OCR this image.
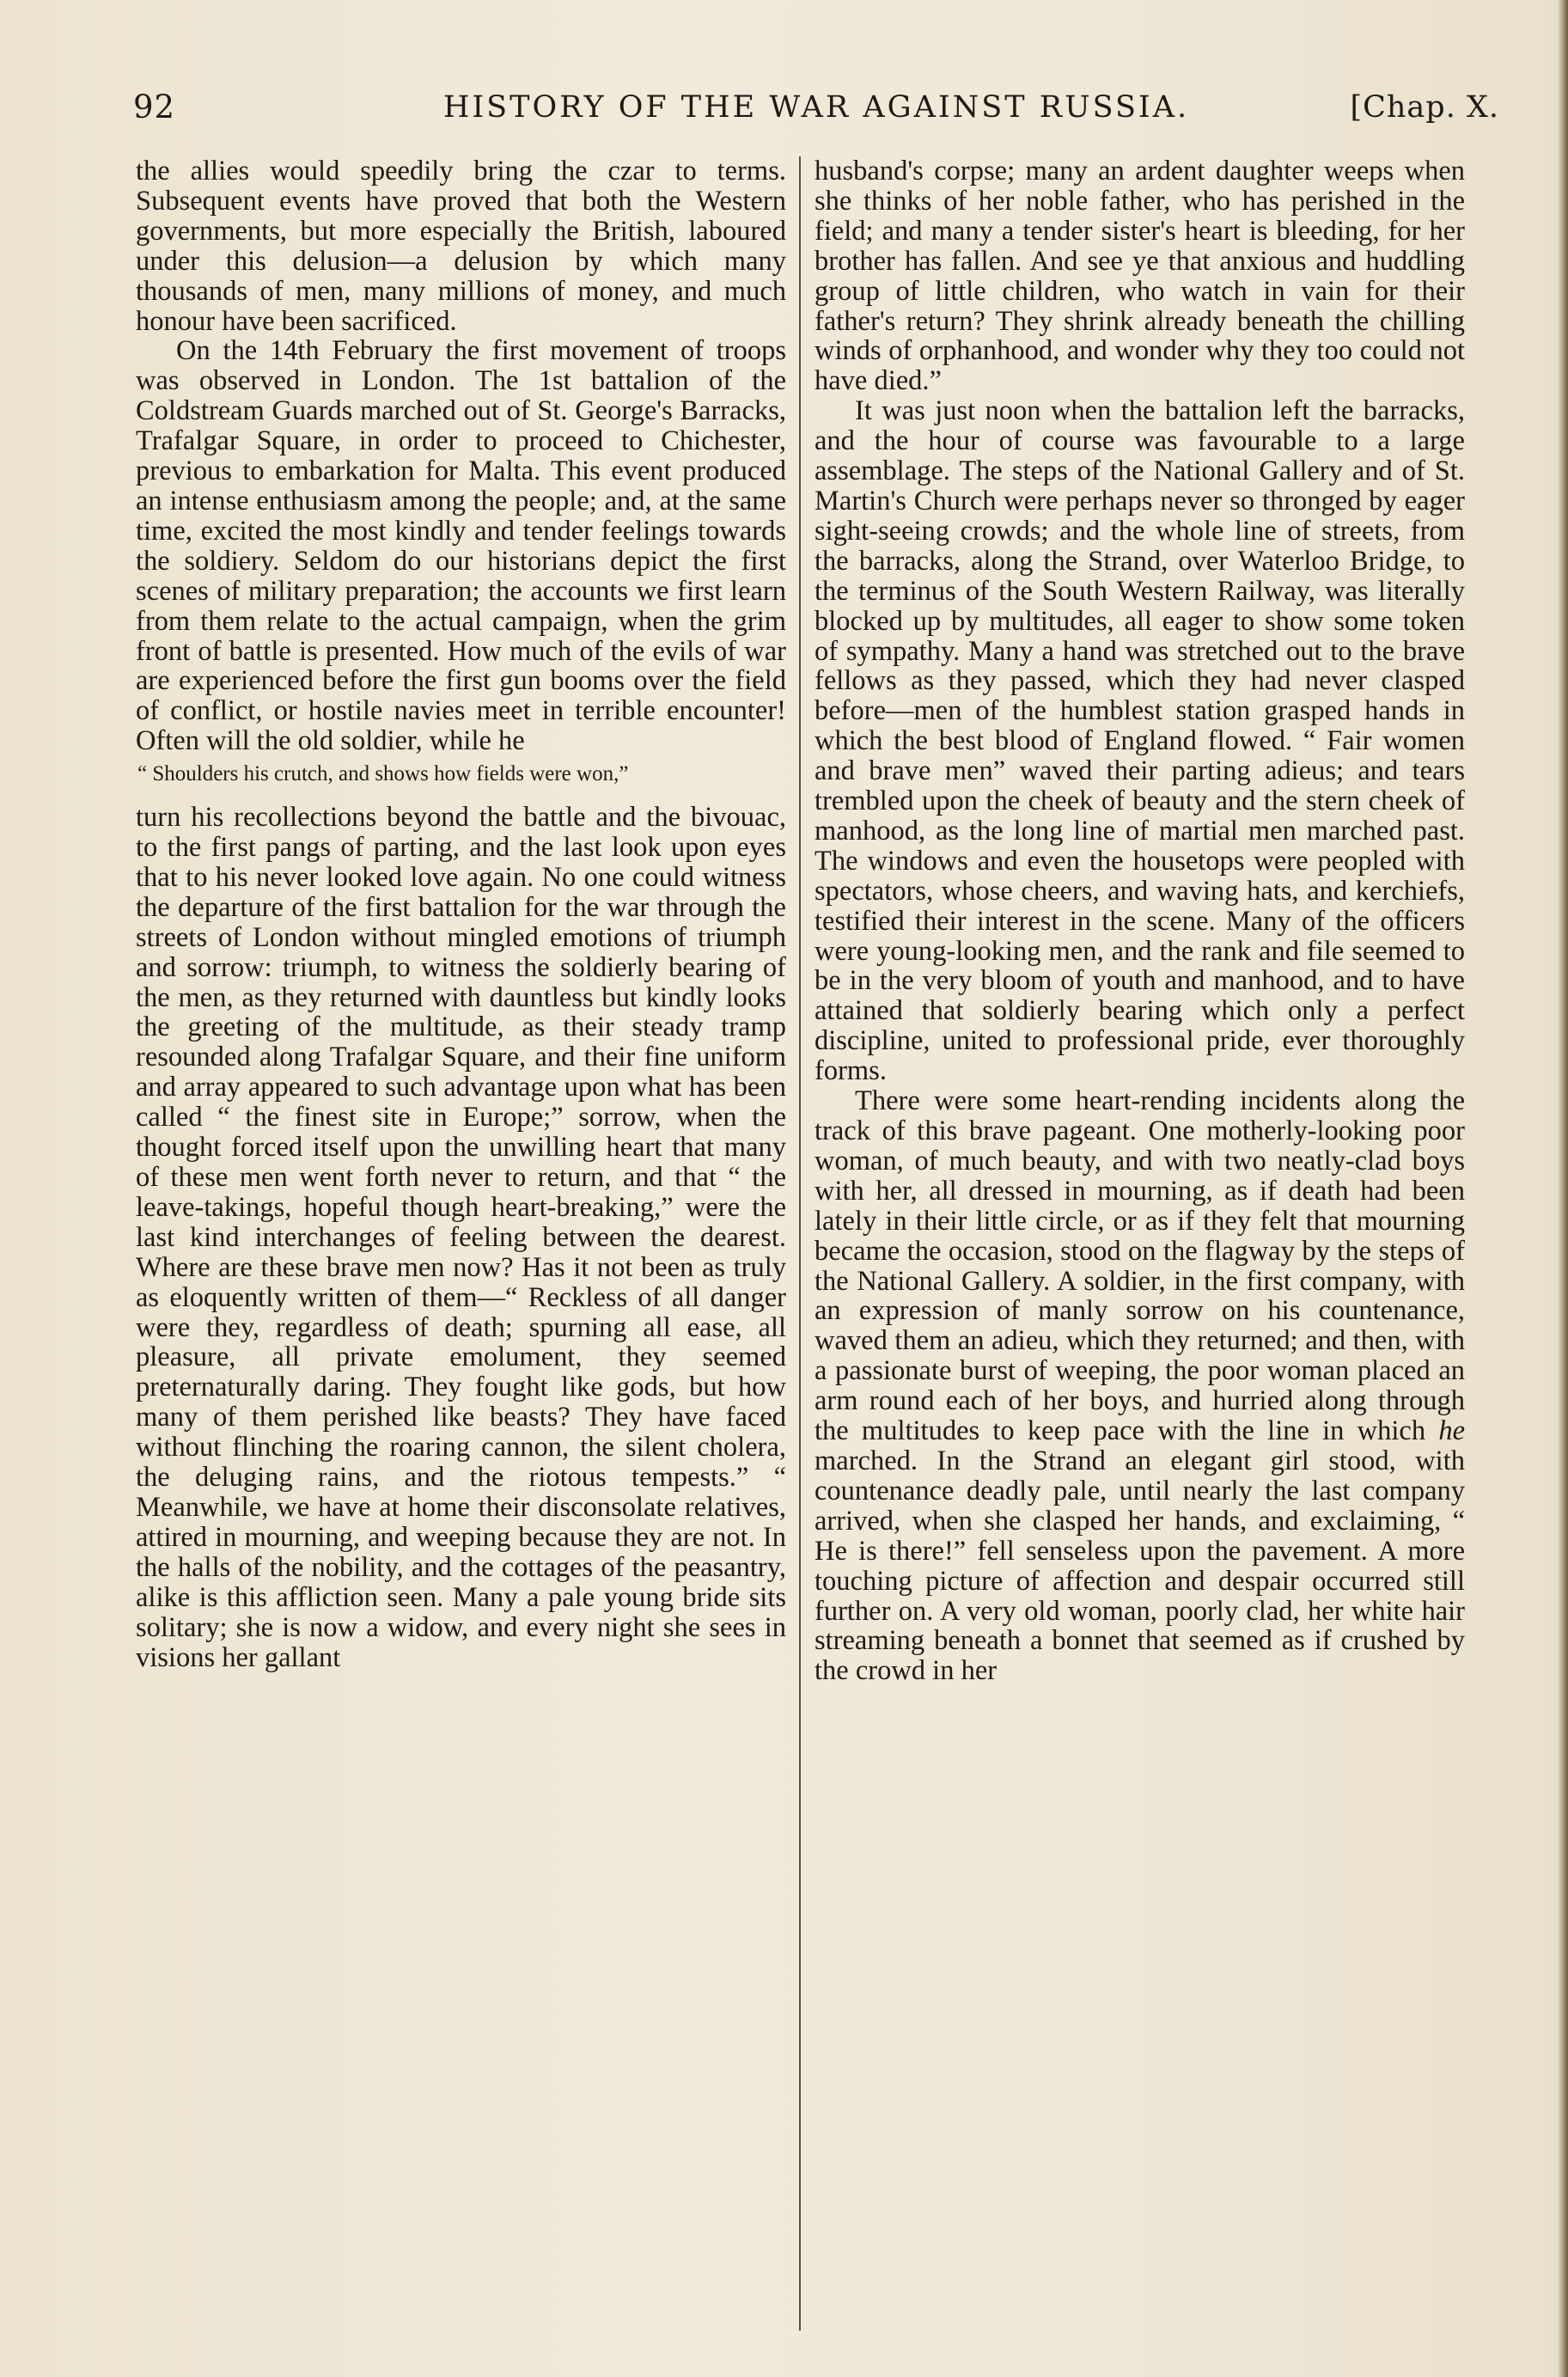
92	HISTORY OF THE WAR AGAINST RUSSIA.	[Chap. X.

the allies would speedily bring the czar to terms. Subsequent events have proved that both the Western governments, but more especially the British, laboured under this delusion—a delusion by which many thousands of men, many millions of money, and much honour have been sacrificed.

On the 14th February the first movement of troops was observed in London. The 1st battalion of the Coldstream Guards marched out of St. George's Barracks, Trafalgar Square, in order to proceed to Chichester, previous to embarkation for Malta. This event produced an intense enthusiasm among the people; and, at the same time, excited the most kindly and tender feelings towards the soldiery. Seldom do our historians depict the first scenes of military preparation; the accounts we first learn from them relate to the actual campaign, when the grim front of battle is presented. How much of the evils of war are experienced before the first gun booms over the field of conflict, or hostile navies meet in terrible encounter! Often will the old soldier, while he

“ Shoulders his crutch, and shows how fields were won,”

turn his recollections beyond the battle and the bivouac, to the first pangs of parting, and the last look upon eyes that to his never looked love again. No one could witness the departure of the first battalion for the war through the streets of London without mingled emotions of triumph and sorrow: triumph, to witness the soldierly bearing of the men, as they returned with dauntless but kindly looks the greeting of the multitude, as their steady tramp resounded along Trafalgar Square, and their fine uniform and array appeared to such advantage upon what has been called “ the finest site in Europe;” sorrow, when the thought forced itself upon the unwilling heart that many of these men went forth never to return, and that “ the leave-takings, hopeful though heart-breaking,” were the last kind interchanges of feeling between the dearest. Where are these brave men now? Has it not been as truly as eloquently written of them—“ Reckless of all danger were they, regardless of death; spurning all ease, all pleasure, all private emolument, they seemed preternaturally daring. They fought like gods, but how many of them perished like beasts? They have faced without flinching the roaring cannon, the silent cholera, the deluging rains, and the riotous tempests.” “ Meanwhile, we have at home their disconsolate relatives, attired in mourning, and weeping because they are not. In the halls of the nobility, and the cottages of the peasantry, alike is this affliction seen. Many a pale young bride sits solitary; she is now a widow, and every night she sees in visions her gallant

husband's corpse; many an ardent daughter weeps when she thinks of her noble father, who has perished in the field; and many a tender sister's heart is bleeding, for her brother has fallen. And see ye that anxious and huddling group of little children, who watch in vain for their father's return? They shrink already beneath the chilling winds of orphanhood, and wonder why they too could not have died.”

It was just noon when the battalion left the barracks, and the hour of course was favourable to a large assemblage. The steps of the National Gallery and of St. Martin's Church were perhaps never so thronged by eager sight-seeing crowds; and the whole line of streets, from the barracks, along the Strand, over Waterloo Bridge, to the terminus of the South Western Railway, was literally blocked up by multitudes, all eager to show some token of sympathy. Many a hand was stretched out to the brave fellows as they passed, which they had never clasped before—men of the humblest station grasped hands in which the best blood of England flowed. “ Fair women and brave men” waved their parting adieus; and tears trembled upon the cheek of beauty and the stern cheek of manhood, as the long line of martial men marched past. The windows and even the housetops were peopled with spectators, whose cheers, and waving hats, and kerchiefs, testified their interest in the scene. Many of the officers were young-looking men, and the rank and file seemed to be in the very bloom of youth and manhood, and to have attained that soldierly bearing which only a perfect discipline, united to professional pride, ever thoroughly forms.

There were some heart-rending incidents along the track of this brave pageant. One motherly-looking poor woman, of much beauty, and with two neatly-clad boys with her, all dressed in mourning, as if death had been lately in their little circle, or as if they felt that mourning became the occasion, stood on the flagway by the steps of the National Gallery. A soldier, in the first company, with an expression of manly sorrow on his countenance, waved them an adieu, which they returned; and then, with a passionate burst of weeping, the poor woman placed an arm round each of her boys, and hurried along through the multitudes to keep pace with the line in which he marched. In the Strand an elegant girl stood, with countenance deadly pale, until nearly the last company arrived, when she clasped her hands, and exclaiming, “ He is there!” fell senseless upon the pavement. A more touching picture of affection and despair occurred still further on. A very old woman, poorly clad, her white hair streaming beneath a bonnet that seemed as if crushed by the crowd in her
